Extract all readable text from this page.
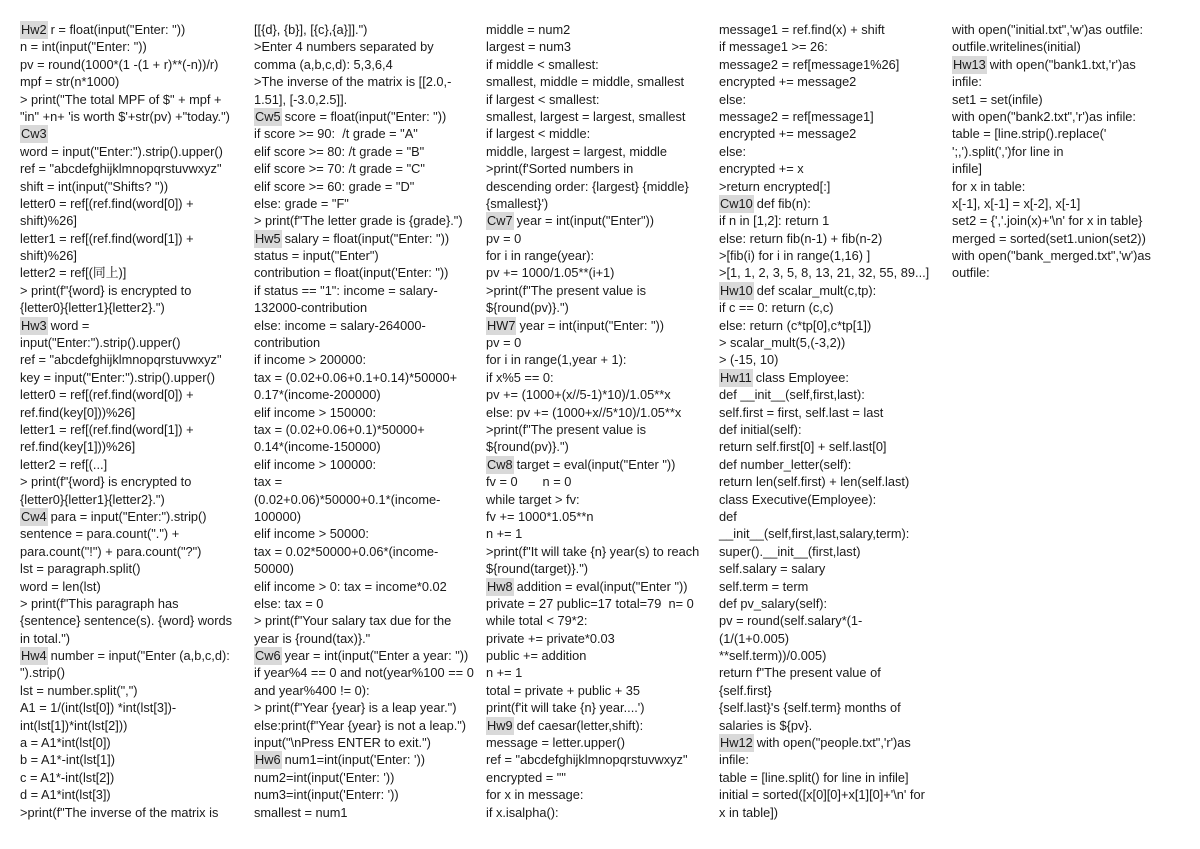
Hw2 r = float(input("Enter: "))
n = int(input("Enter: "))
pv = round(1000*(1 -(1 + r)**(-n))/r)
mpf = str(n*1000)
> print("The total MPF of $" + mpf +
"in" +n+ 'is worth $'+str(pv) +"today.")
Cw3
word = input("Enter:").strip().upper()
ref = "abcdefghijklmnopqrstuvwxyz"
shift = int(input("Shifts? "))
letter0 = ref[(ref.find(word[0]) +
shift)%26]
letter1 = ref[(ref.find(word[1]) +
shift)%26]
letter2 = ref[(同上)]
> print(f"{word} is encrypted to
{letter0}{letter1}{letter2}.")
Hw3 word =
input("Enter:").strip().upper()
ref = "abcdefghijklmnopqrstuvwxyz"
key = input("Enter:").strip().upper()
letter0 = ref[(ref.find(word[0]) +
ref.find(key[0]))%26]
letter1 = ref[(ref.find(word[1]) +
ref.find(key[1]))%26]
letter2 = ref[(...]
> print(f"{word} is encrypted to
{letter0}{letter1}{letter2}.")
Cw4 para = input("Enter:").strip()
sentence = para.count(".") +
para.count("!") + para.count("?")
lst = paragraph.split()
word = len(lst)
> print(f"This paragraph has
{sentence} sentence(s). {word} words
in total.")
Hw4 number = input("Enter (a,b,c,d):
").strip()
lst = number.split(",")
A1 = 1/(int(lst[0]) *int(lst[3])-
int(lst[1])*int(lst[2]))
a = A1*int(lst[0])
b = A1*-int(lst[1])
c = A1*-int(lst[2])
d = A1*int(lst[3])
>print(f"The inverse of the matrix is
[[{d}, {b}], [{c},{a}]].")
>Enter 4 numbers separated by
comma (a,b,c,d): 5,3,6,4
>The inverse of the matrix is [[2.0,-
1.51], [-3.0,2.5]].
Cw5 score = float(input("Enter: "))
if score >= 90:  /t grade = "A"
elif score >= 80: /t grade = "B"
elif score >= 70: /t grade = "C"
elif score >= 60: grade = "D"
else: grade = "F"
> print(f"The letter grade is {grade}.")
Hw5 salary = float(input("Enter: "))
status = input("Enter")
contribution = float(input('Enter: "))
if status == "1": income = salary-
132000-contribution
else: income = salary-264000-
contribution
if income > 200000:
tax = (0.02+0.06+0.1+0.14)*50000+
0.17*(income-200000)
elif income > 150000:
tax = (0.02+0.06+0.1)*50000+
0.14*(income-150000)
elif income > 100000:
tax =
(0.02+0.06)*50000+0.1*(income-
100000)
elif income > 50000:
tax = 0.02*50000+0.06*(income-
50000)
elif income > 0: tax = income*0.02
else: tax = 0
> print(f"Your salary tax due for the
year is {round(tax)}."
Cw6 year = int(input("Enter a year: "))
if year%4 == 0 and not(year%100 == 0
and year%400 != 0):
> print(f"Year {year} is a leap year.")
else:print(f"Year {year} is not a leap.")
input("\nPress ENTER to exit.")
Hw6 num1=int(input('Enter: '))
num2=int(input('Enter: '))
num3=int(input('Enterr: '))
smallest = num1
middle = num2
largest = num3
if middle < smallest:
smallest, middle = middle, smallest
if largest < smallest:
smallest, largest = largest, smallest
if largest < middle:
middle, largest = largest, middle
>print(f'Sorted numbers in
descending order: {largest} {middle}
{smallest}')
Cw7 year = int(input("Enter"))
pv = 0
for i in range(year):
pv += 1000/1.05**(i+1)
>print(f"The present value is
${round(pv)}.")
HW7 year = int(input("Enter: "))
pv = 0
for i in range(1,year + 1):
if x%5 == 0:
pv += (1000+(x//5-1)*10)/1.05**x
else: pv += (1000+x//5*10)/1.05**x
>print(f"The present value is
${round(pv)}.")
Cw8 target = eval(input("Enter "))
fv = 0       n = 0
while target > fv:
fv += 1000*1.05**n
n += 1
>print(f"It will take {n} year(s) to reach
${round(target)}.")
Hw8 addition = eval(input("Enter "))
private = 27 public=17 total=79  n= 0
while total < 79*2:
private += private*0.03
public += addition
n += 1
total = private + public + 35
print(f'it will take {n} year....')
Hw9 def caesar(letter,shift):
message = letter.upper()
ref = "abcdefghijklmnopqrstuvwxyz"
encrypted = ""
for x in message:
if x.isalpha():
message1 = ref.find(x) + shift
if message1 >= 26:
message2 = ref[message1%26]
encrypted += message2
else:
message2 = ref[message1]
encrypted += message2
else:
encrypted += x
>return encrypted[:]
Cw10 def fib(n):
if n in [1,2]: return 1
else: return fib(n-1) + fib(n-2)
>[fib(i) for i in range(1,16) ]
>[1, 1, 2, 3, 5, 8, 13, 21, 32, 55, 89...]
Hw10 def scalar_mult(c,tp):
if c == 0: return (c,c)
else: return (c*tp[0],c*tp[1])
> scalar_mult(5,(-3,2))
> (-15, 10)
Hw11 class Employee:
def __init__(self,first,last):
self.first = first, self.last = last
def initial(self):
return self.first[0] + self.last[0]
def number_letter(self):
return len(self.first) + len(self.last)
class Executive(Employee):
def
__init__(self,first,last,salary,term):
super().__init__(first,last)
self.salary = salary
self.term = term
def pv_salary(self):
pv = round(self.salary*(1-
(1/(1+0.005)
**self.term))/0.005)
return f"The present value of
{self.first}
{self.last}'s {self.term} months of
salaries is ${pv}.
Hw12 with open("people.txt",'r')as
infile:
table = [line.split() for line in infile]
initial = sorted([x[0][0]+x[1][0]+'\n' for
x in table])
with open("initial.txt",'w')as outfile:
outfile.writelines(initial)
Hw13 with open("bank1.txt,'r')as
infile:
set1 = set(infile)
with open("bank2.txt",'r')as infile:
table = [line.strip().replace('
';,').split(',')for line in
infile]
for x in table:
x[-1], x[-1] = x[-2], x[-1]
set2 = {','.join(x)+'\n' for x in table}
merged = sorted(set1.union(set2))
with open("bank_merged.txt",'w')as
outfile:
